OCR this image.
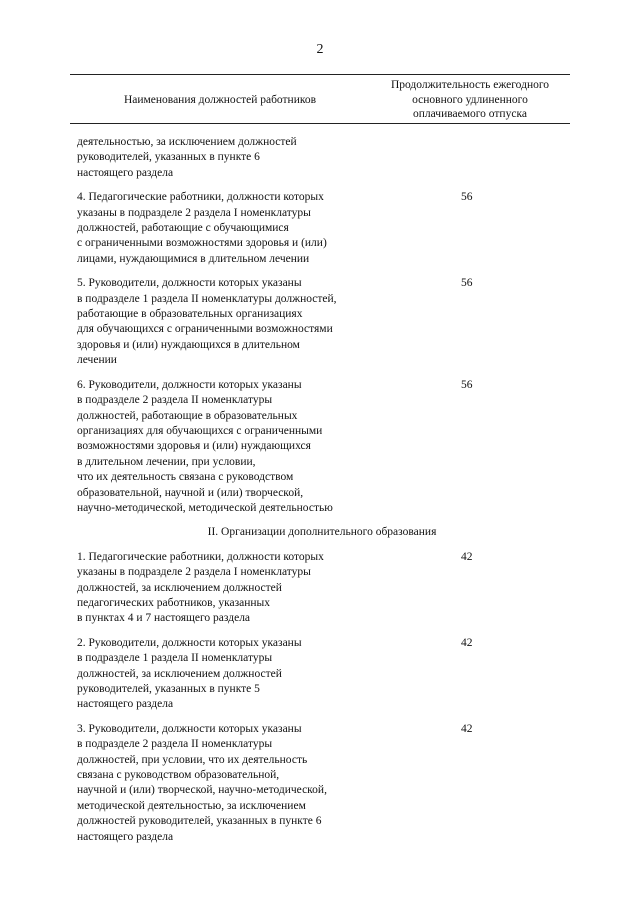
2
Наименования должностей работников
Продолжительность ежегодного
основного удлиненного
оплачиваемого отпуска
деятельностью, за исключением должностей
руководителей, указанных в пункте 6
настоящего раздела
4. Педагогические работники, должности которых
указаны в подразделе 2 раздела I номенклатуры
должностей, работающие с обучающимися
с ограниченными возможностями здоровья и (или)
лицами, нуждающимися в длительном лечении
56
5. Руководители, должности которых указаны
в подразделе 1 раздела II номенклатуры должностей,
работающие в образовательных организациях
для обучающихся с ограниченными возможностями
здоровья и (или) нуждающихся в длительном
лечении
56
6. Руководители, должности которых указаны
в подразделе 2 раздела II номенклатуры
должностей, работающие в образовательных
организациях для обучающихся с ограниченными
возможностями здоровья и (или) нуждающихся
в длительном лечении, при условии,
что их деятельность связана с руководством
образовательной, научной и (или) творческой,
научно-методической, методической деятельностью
56
II. Организации дополнительного образования
1. Педагогические работники, должности которых
указаны в подразделе 2 раздела I номенклатуры
должностей, за исключением должностей
педагогических работников, указанных
в пунктах 4 и 7 настоящего раздела
42
2. Руководители, должности которых указаны
в подразделе 1 раздела II номенклатуры
должностей, за исключением должностей
руководителей, указанных в пункте 5
настоящего раздела
42
3. Руководители, должности которых указаны
в подразделе 2 раздела II номенклатуры
должностей, при условии, что их деятельность
связана с руководством образовательной,
научной и (или) творческой, научно-методической,
методической деятельностью, за исключением
должностей руководителей, указанных в пункте 6
настоящего раздела
42
